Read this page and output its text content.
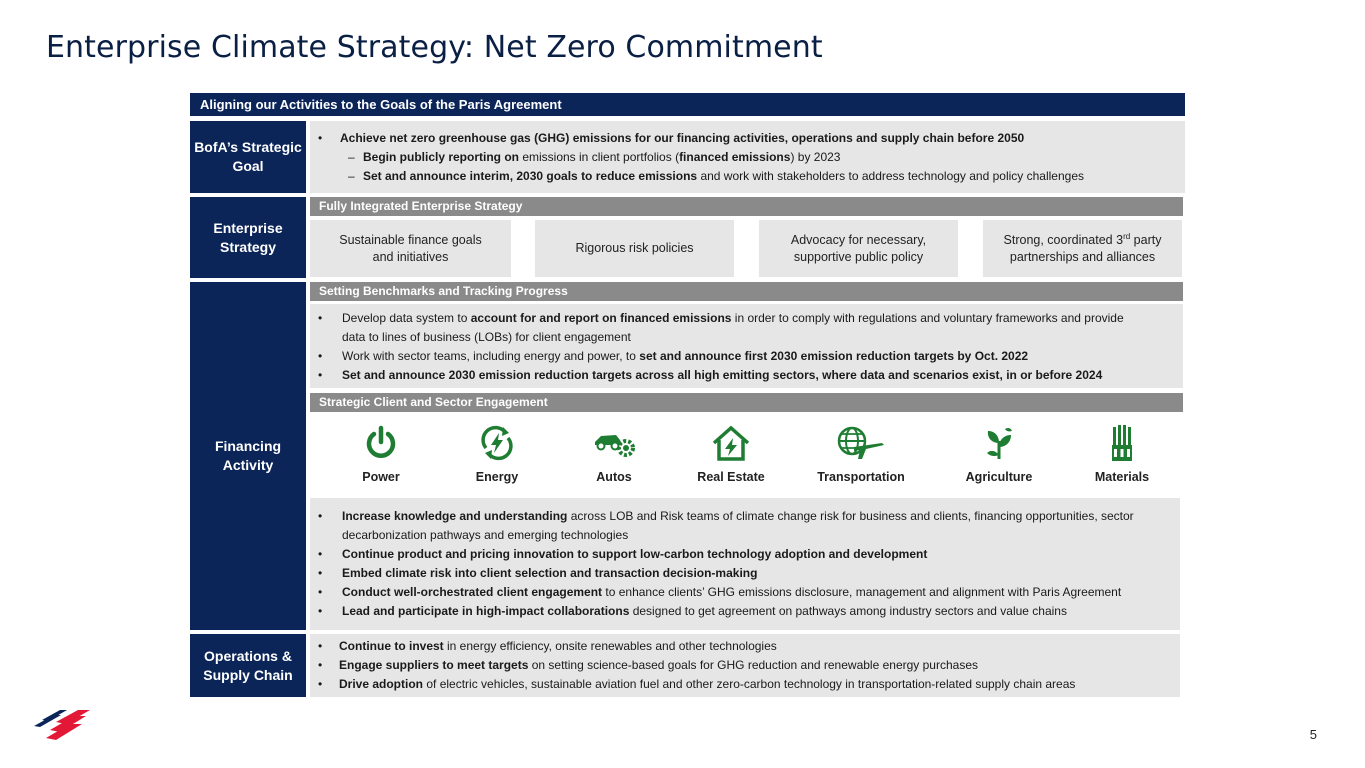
Enterprise Climate Strategy: Net Zero Commitment
Aligning our Activities to the Goals of the Paris Agreement
BofA’s Strategic Goal
• Achieve net zero greenhouse gas (GHG) emissions for our financing activities, operations and supply chain before 2050
– Begin publicly reporting on emissions in client portfolios (financed emissions) by 2023
– Set and announce interim, 2030 goals to reduce emissions and work with stakeholders to address technology and policy challenges
Enterprise Strategy
Fully Integrated Enterprise Strategy
Sustainable finance goals and initiatives
Rigorous risk policies
Advocacy for necessary, supportive public policy
Strong, coordinated 3rd party partnerships and alliances
Financing Activity
Setting Benchmarks and Tracking Progress
• Develop data system to account for and report on financed emissions in order to comply with regulations and voluntary frameworks and provide data to lines of business (LOBs) for client engagement
• Work with sector teams, including energy and power, to set and announce first 2030 emission reduction targets by Oct. 2022
• Set and announce 2030 emission reduction targets across all high emitting sectors, where data and scenarios exist, in or before 2024
Strategic Client and Sector Engagement
Power	Energy	Autos	Real Estate	Transportation	Agriculture	Materials
• Increase knowledge and understanding across LOB and Risk teams of climate change risk for business and clients, financing opportunities, sector decarbonization pathways and emerging technologies
• Continue product and pricing innovation to support low-carbon technology adoption and development
• Embed climate risk into client selection and transaction decision-making
• Conduct well-orchestrated client engagement to enhance clients’ GHG emissions disclosure, management and alignment with Paris Agreement
• Lead and participate in high-impact collaborations designed to get agreement on pathways among industry sectors and value chains
Operations & Supply Chain
• Continue to invest in energy efficiency, onsite renewables and other technologies
• Engage suppliers to meet targets on setting science-based goals for GHG reduction and renewable energy purchases
• Drive adoption of electric vehicles, sustainable aviation fuel and other zero-carbon technology in transportation-related supply chain areas
5
